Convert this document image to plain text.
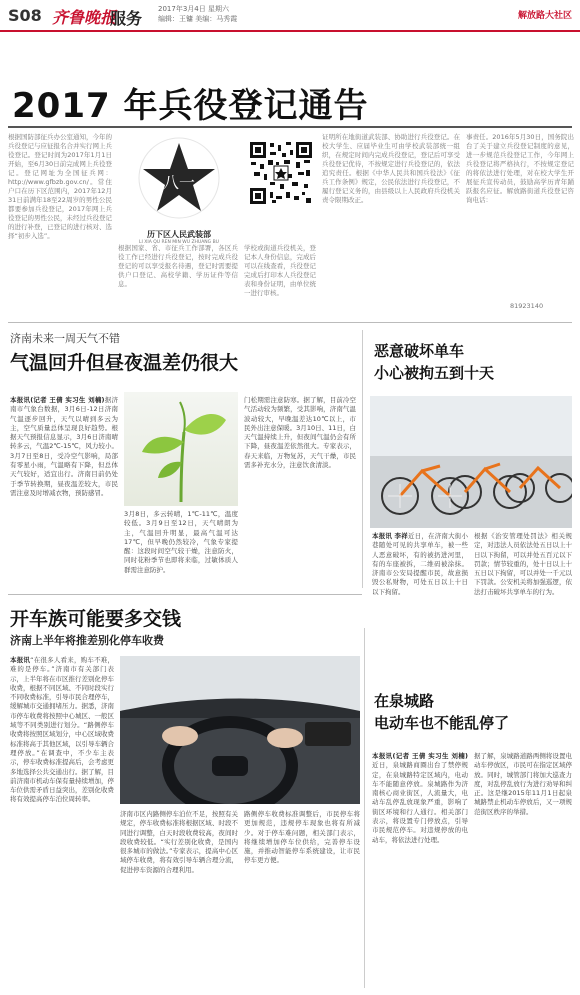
S08 齐鲁晚报
服务 2017年3月4日 星期六
编辑：王镛 美编：马秀霞	解放路大社区
2017 年兵役登记通告
根据国防部征兵办公室通知，今年的兵役登记与应征报名合并实行网上兵役登记。登记时间为2017年1月1日开始，至6月30日前完成网上兵役登记。登记网址为全国征兵网：http://www.gfbzb.gov.cn/。常住户口在历下区范围内，2017年12月31日前满年18至22周岁的男性公民都要参加兵役登记，2017年网上兵役登记的男性公民，未经过兵役登记的进行补登，已登记的进行核对、选择“初步入选”。
八一
历下区人民武装部
LI XIA QU REN MIN WU ZHUANG BU
根据国家、省、市征兵工作部署，各区兵役工作已经进行兵役登记，按时完成兵役登记的可以享受报名待遇，登记时需要提供户口登记、高校学籍、学历证件等信息。
学校或街道兵役机关，登记本人身份信息，完成后可以在线查看，兵役登记完成后打印本人兵役登记表和身份证明，由单位统一进行审核。
证明所在地街道武装部、协助进行兵役登记。在校大学生、应届毕业生可由学校武装部统一组织，在规定时间内完成兵役登记，登记后可享受兵役登记优待，不按规定进行兵役登记的，依法追究责任。根据《中华人民共和国兵役法》《征兵工作条例》规定，公民依法进行兵役登记，不履行登记义务的，由县级以上人民政府兵役机关责令限期改正。
事责任。2016年5月30日，国务院出台了关于建立兵役登记制度的意见，进一步规范兵役登记工作，今年网上兵役登记将严格执行，不按规定登记的将依法进行处理，对在校大学生开展征兵宣传动员，鼓励高学历青年踊跃报名应征。解放路街道兵役登记咨询电话：
81923140
济南未来一周天气不错
气温回升但昼夜温差仍很大
本报讯(记者 王倩 实习生 刘楠)据济南市气象台数据，3月6日-12日济南气温逐步回升，天气以晴到多云为主，空气质量总体呈现良好趋势。根据天气预报信息显示，3月6日济南晴转多云，气温2℃-15℃，风力较小。3月7日至8日，受冷空气影响，局部有零星小雨，气温略有下降，但总体天气较好，适宜出行。济南目前仍处于季节转换期，昼夜温差较大，市民需注意及时增减衣物，预防感冒。
3月8日，多云转晴，1℃-11℃，温度较低。3月9日至12日，天气晴朗为主，气温回升明显，最高气温可达17℃，但早晚仍然较冷，气象专家提醒：这段时间空气较干燥，注意防火，同时花粉季节也即将来临，过敏体质人群需注意防护。
门松期需注意防寒。据了解，目前冷空气活动较为频繁，受其影响，济南气温波动较大，早晚温差达10℃以上，市民外出注意保暖。3月10日、11日，白天气温持续上升，但夜间气温仍会有所下降，昼夜温差依然很大。专家表示，春天来临，万物复苏，天气干燥，市民需多补充水分，注意饮食清淡。
恶意破坏单车
小心被拘五到十天
本报讯 李祥近日，在济南大街小巷随处可见的共享单车，被一些人恶意破坏，有的被扔进河里，有的车座被拆，二维码被涂抹。济南市公安局提醒市民，故意损毁公私财物，可处五日以上十日以下拘留。
根据《治安管理处罚法》相关规定，对违法人员依法处五日以上十日以下拘留，可以并处五百元以下罚款；情节较重的，处十日以上十五日以下拘留，可以并处一千元以下罚款。公安机关将加强巡逻，依法打击破坏共享单车的行为。
开车族可能要多交钱
济南上半年将推差别化停车收费
本报讯“在很多人看来，购车不难，难的是停车。”济南市有关部门表示，上半年将在市区推行差别化停车收费，根据不同区域、不同时段实行不同收费标准，引导市民合理停车，缓解城市交通拥堵压力。据悉，济南市停车收费将按照中心城区、一般区域等不同类别进行划分。“路侧停车收费将按照区域划分，中心区域收费标准将高于其他区域，以引导车辆合理停放。”在调查中，不少车主表示，停车收费标准提高后，会考虑更多地选择公共交通出行。据了解，目前济南市机动车保有量持续增加，停车位供需矛盾日益突出，差别化收费将有效提高停车泊位周转率。
济南市区内路侧停车泊位不足，按照有关规定，停车收费标准将根据区域、时段不同进行调整，白天时段收费较高，夜间时段收费较低。“实行差别化收费，是国内很多城市的做法。”专家表示，提高中心区域停车收费，将有效引导车辆合理分流，促进停车资源的合理利用。
路侧停车收费标准调整后，市民停车将更加规范，违规停车现象也将有所减少。对于停车难问题，相关部门表示，将继续增加停车位供给，完善停车设施，并推动智能停车系统建设，让市民停车更方便。
在泉城路
电动车也不能乱停了
本报讯(记者 王倩 实习生 刘楠)近日，泉城路商圈出台了禁停规定，在泉城路特定区域内，电动车不能随意停放。泉城路作为济南核心商业街区，人流量大，电动车乱停乱放现象严重，影响了街区环境和行人通行。相关部门表示，将设置专门停放点，引导市民规范停车。对违规停放的电动车，将依法进行处理。
据了解，泉城路道路两侧将设置电动车停放区，市民可在指定区域停放。同时，城管部门将加大巡查力度，对乱停乱放行为进行劝导和纠正。这是继2015年11月1日起泉城路禁止机动车停放后，又一项规范街区秩序的举措。
